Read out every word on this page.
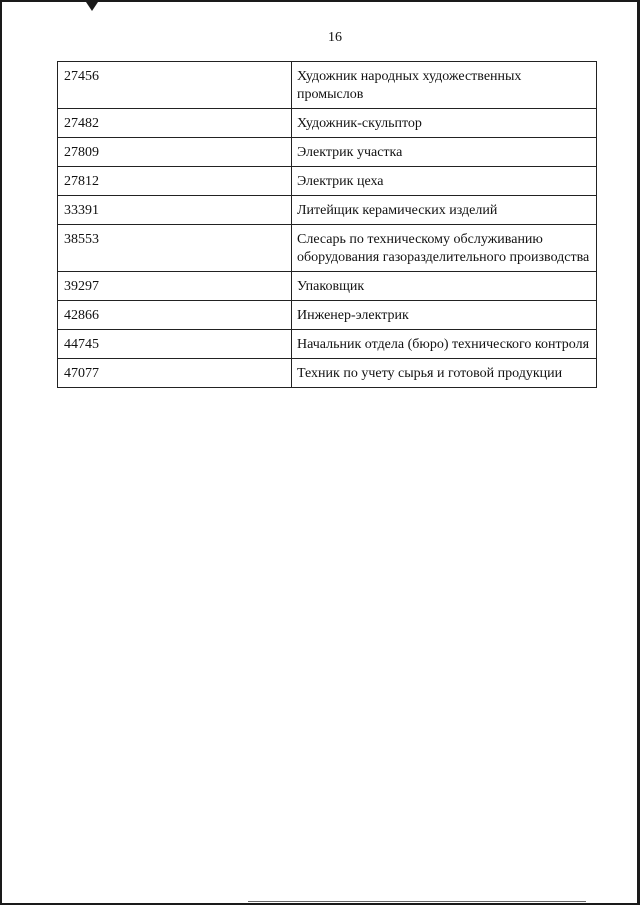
16
27456	Художник народных художественных промыслов
27482	Художник-скульптор
27809	Электрик участка
27812	Электрик цеха
33391	Литейщик керамических изделий
38553	Слесарь по техническому обслуживанию оборудования газоразделительного производства
39297	Упаковщик
42866	Инженер-электрик
44745	Начальник отдела (бюро) технического контроля
47077	Техник по учету сырья и готовой продукции
